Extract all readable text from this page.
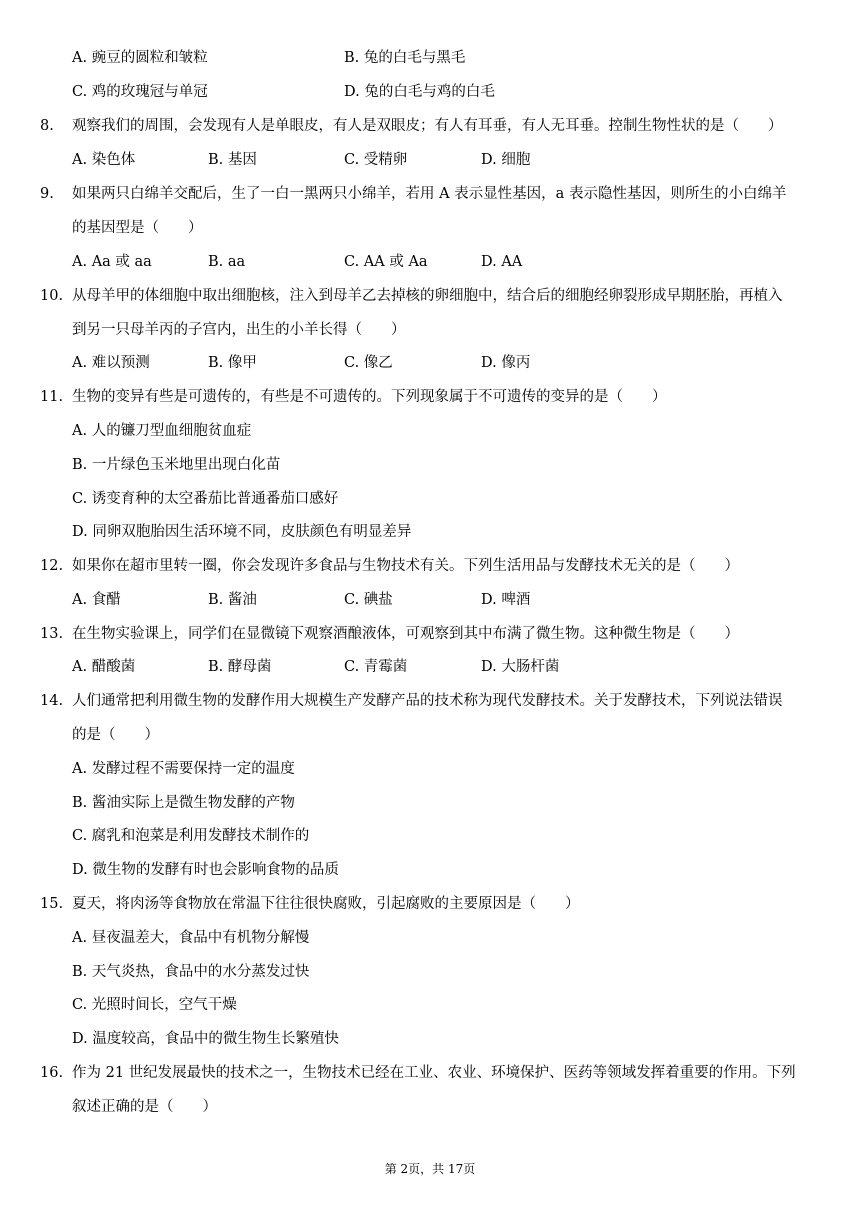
A. 豌豆的圆粒和皱粒	B. 兔的白毛与黑毛
C. 鸡的玫瑰冠与单冠	D. 兔的白毛与鸡的白毛
8. 观察我们的周围，会发现有人是单眼皮，有人是双眼皮；有人有耳垂，有人无耳垂。控制生物性状的是（　　）
A. 染色体	B. 基因	C. 受精卵	D. 细胞
9. 如果两只白绵羊交配后，生了一白一黑两只小绵羊，若用 A 表示显性基因，a 表示隐性基因，则所生的小白绵羊
的基因型是（　　）
A. Aa 或 aa	B. aa	C. AA 或 Aa	D. AA
10. 从母羊甲的体细胞中取出细胞核，注入到母羊乙去掉核的卵细胞中，结合后的细胞经卵裂形成早期胚胎，再植入
到另一只母羊丙的子宫内，出生的小羊长得（　　）
A. 难以预测	B. 像甲	C. 像乙	D. 像丙
11. 生物的变异有些是可遗传的，有些是不可遗传的。下列现象属于不可遗传的变异的是（　　）
A. 人的镰刀型血细胞贫血症
B. 一片绿色玉米地里出现白化苗
C. 诱变育种的太空番茄比普通番茄口感好
D. 同卵双胞胎因生活环境不同，皮肤颜色有明显差异
12. 如果你在超市里转一圈，你会发现许多食品与生物技术有关。下列生活用品与发酵技术无关的是（　　）
A. 食醋	B. 酱油	C. 碘盐	D. 啤酒
13. 在生物实验课上，同学们在显微镜下观察酒酿液体，可观察到其中布满了微生物。这种微生物是（　　）
A. 醋酸菌	B. 酵母菌	C. 青霉菌	D. 大肠杆菌
14. 人们通常把利用微生物的发酵作用大规模生产发酵产品的技术称为现代发酵技术。关于发酵技术，下列说法错误
的是（　　）
A. 发酵过程不需要保持一定的温度
B. 酱油实际上是微生物发酵的产物
C. 腐乳和泡菜是利用发酵技术制作的
D. 微生物的发酵有时也会影响食物的品质
15. 夏天，将肉汤等食物放在常温下往往很快腐败，引起腐败的主要原因是（　　）
A. 昼夜温差大，食品中有机物分解慢
B. 天气炎热，食品中的水分蒸发过快
C. 光照时间长，空气干燥
D. 温度较高，食品中的微生物生长繁殖快
16. 作为 21 世纪发展最快的技术之一，生物技术已经在工业、农业、环境保护、医药等领域发挥着重要的作用。下列
叙述正确的是（　　）
第 2页，共 17页
